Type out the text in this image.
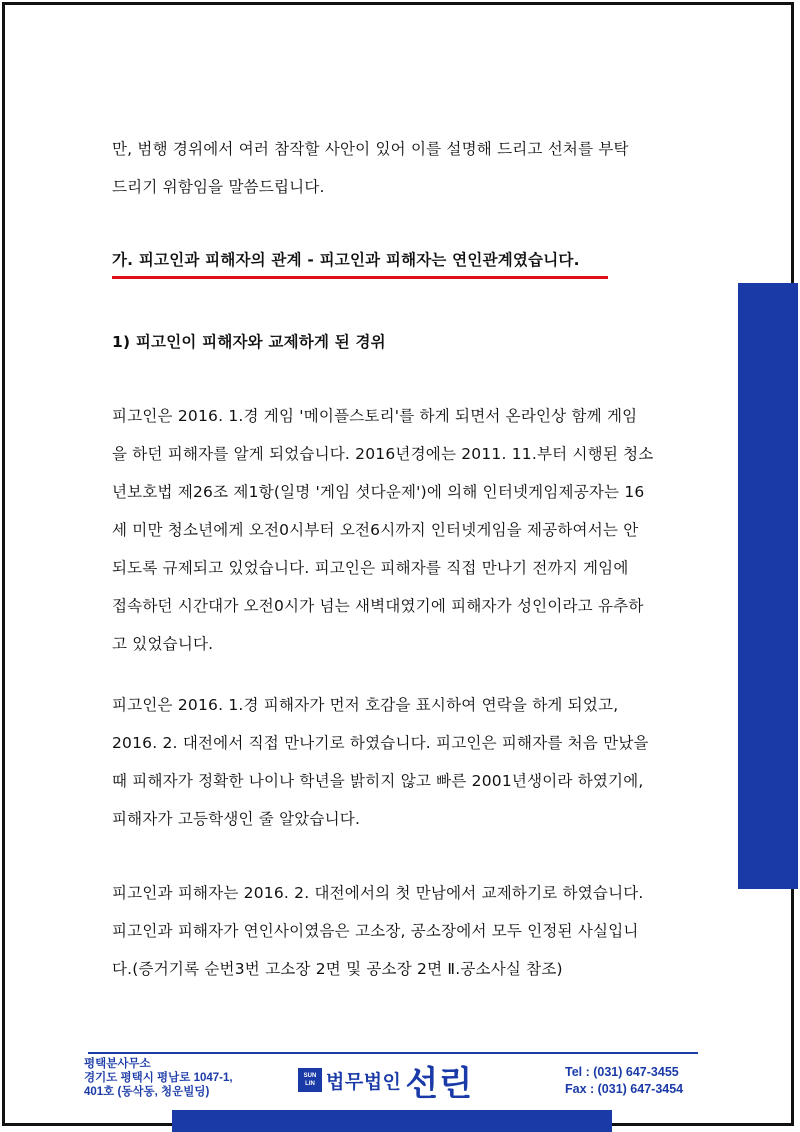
만, 범행 경위에서 여러 참작할 사안이 있어 이를 설명해 드리고 선처를 부탁

드리기 위함임을 말씀드립니다.

가. 피고인과 피해자의 관계 - 피고인과 피해자는 연인관계였습니다.
1) 피고인이 피해자와 교제하게 된 경위

피고인은 2016. 1.경 게임 '메이플스토리'를 하게 되면서 온라인상 함께 게임

을 하던 피해자를 알게 되었습니다. 2016년경에는 2011. 11.부터 시행된 청소

년보호법 제26조 제1항(일명 '게임 셧다운제')에 의해 인터넷게임제공자는 16

세 미만 청소년에게 오전0시부터 오전6시까지 인터넷게임을 제공하여서는 안

되도록 규제되고 있었습니다. 피고인은 피해자를 직접 만나기 전까지 게임에

접속하던 시간대가 오전0시가 넘는 새벽대였기에 피해자가 성인이라고 유추하

고 있었습니다.

피고인은 2016. 1.경 피해자가 먼저 호감을 표시하여 연락을 하게 되었고,

2016. 2. 대전에서 직접 만나기로 하였습니다. 피고인은 피해자를 처음 만났을

때 피해자가 정확한 나이나 학년을 밝히지 않고 빠른 2001년생이라 하였기에,

피해자가 고등학생인 줄 알았습니다.

피고인과 피해자는 2016. 2. 대전에서의 첫 만남에서 교제하기로 하였습니다.

피고인과 피해자가 연인사이였음은 고소장, 공소장에서 모두 인정된 사실입니

다.(증거기록 순번3번 고소장 2면 및 공소장 2면 Ⅱ.공소사실 참조)

평택분사무소
경기도 평택시 평남로 1047-1,
401호 (동삭동, 청운빌딩)
SUN
LIN 법무법인 선린	Tel : (031) 647-3455
Fax : (031) 647-3454
